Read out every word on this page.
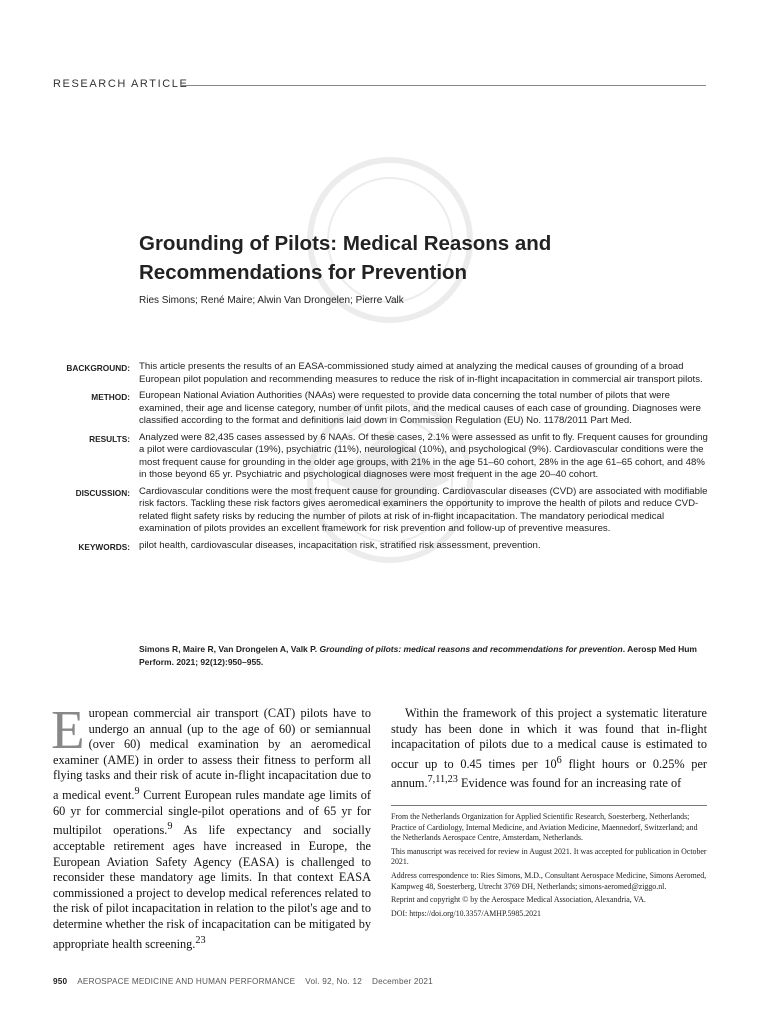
RESEARCH ARTICLE
Grounding of Pilots: Medical Reasons and Recommendations for Prevention
Ries Simons; René Maire; Alwin Van Drongelen; Pierre Valk
BACKGROUND: This article presents the results of an EASA-commissioned study aimed at analyzing the medical causes of grounding of a broad European pilot population and recommending measures to reduce the risk of in-flight incapacitation in commercial air transport pilots.
METHOD: European National Aviation Authorities (NAAs) were requested to provide data concerning the total number of pilots that were examined, their age and license category, number of unfit pilots, and the medical causes of each case of grounding. Diagnoses were classified according to the format and definitions laid down in Commission Regulation (EU) No. 1178/2011 Part Med.
RESULTS: Analyzed were 82,435 cases assessed by 6 NAAs. Of these cases, 2.1% were assessed as unfit to fly. Frequent causes for grounding a pilot were cardiovascular (19%), psychiatric (11%), neurological (10%), and psychological (9%). Cardiovascular conditions were the most frequent cause for grounding in the older age groups, with 21% in the age 51–60 cohort, 28% in the age 61–65 cohort, and 48% in those beyond 65 yr. Psychiatric and psychological diagnoses were most frequent in the age 20–40 cohort.
DISCUSSION: Cardiovascular conditions were the most frequent cause for grounding. Cardiovascular diseases (CVD) are associated with modifiable risk factors. Tackling these risk factors gives aeromedical examiners the opportunity to improve the health of pilots and reduce CVD-related flight safety risks by reducing the number of pilots at risk of in-flight incapacitation. The mandatory periodical medical examination of pilots provides an excellent framework for risk prevention and follow-up of preventive measures.
KEYWORDS: pilot health, cardiovascular diseases, incapacitation risk, stratified risk assessment, prevention.
Simons R, Maire R, Van Drongelen A, Valk P. Grounding of pilots: medical reasons and recommendations for prevention. Aerosp Med Hum Perform. 2021; 92(12):950–955.
European commercial air transport (CAT) pilots have to undergo an annual (up to the age of 60) or semiannual (over 60) medical examination by an aeromedical examiner (AME) in order to assess their fitness to perform all flying tasks and their risk of acute in-flight incapacitation due to a medical event.$^9$ Current European rules mandate age limits of 60 yr for commercial single-pilot operations and of 65 yr for multipilot operations.$^9$ As life expectancy and socially acceptable retirement ages have increased in Europe, the European Aviation Safety Agency (EASA) is challenged to reconsider these mandatory age limits. In that context EASA commissioned a project to develop medical references related to the risk of pilot incapacitation in relation to the pilot's age and to determine whether the risk of incapacitation can be mitigated by appropriate health screening.$^{23}$
Within the framework of this project a systematic literature study has been done in which it was found that in-flight incapacitation of pilots due to a medical cause is estimated to occur up to 0.45 times per $10^6$ flight hours or 0.25% per annum.$^{7,11,23}$ Evidence was found for an increasing rate of

From the Netherlands Organization for Applied Scientific Research, Soesterberg, Netherlands; Practice of Cardiology, Internal Medicine, and Aviation Medicine, Maennedorf, Switzerland; and the Netherlands Aerospace Centre, Amsterdam, Netherlands.

This manuscript was received for review in August 2021. It was accepted for publication in October 2021.

Address correspondence to: Ries Simons, M.D., Consultant Aerospace Medicine, Simons Aeromed, Kampweg 48, Soesterberg, Utrecht 3769 DH, Netherlands; simons-aeromed@ziggo.nl.

Reprint and copyright © by the Aerospace Medical Association, Alexandria, VA.

DOI: https://doi.org/10.3357/AMHP.5985.2021

950 AEROSPACE MEDICINE AND HUMAN PERFORMANCE Vol. 92, No. 12 December 2021
